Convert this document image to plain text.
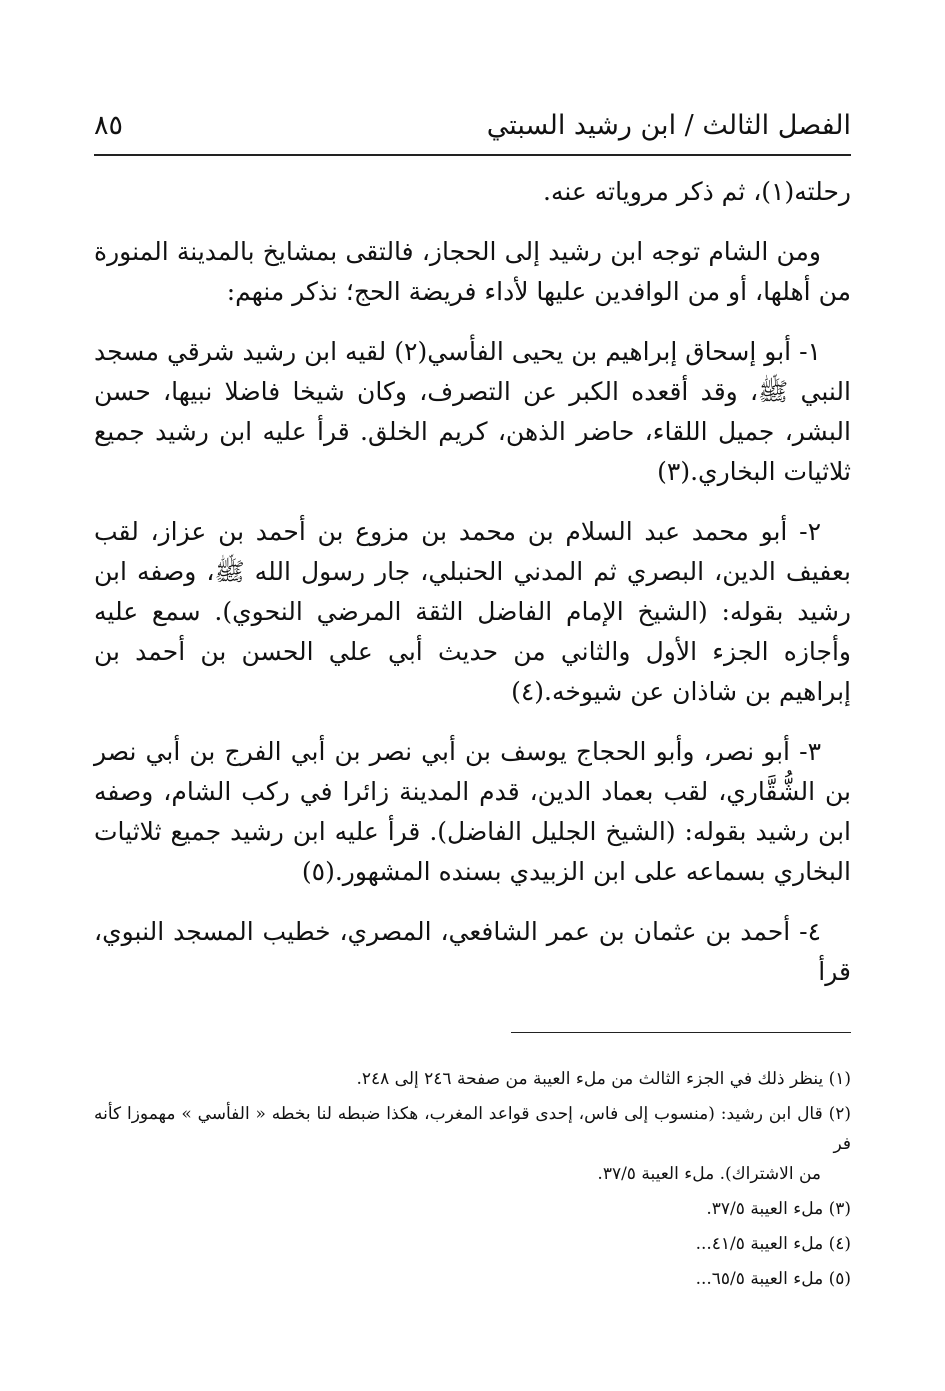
الفصل الثالث / ابن رشيد السبتي
٨٥

رحلته(١)، ثم ذكر مروياته عنه.

ومن الشام توجه ابن رشيد إلى الحجاز، فالتقى بمشايخ بالمدينة المنورة من أهلها، أو من الوافدين عليها لأداء فريضة الحج؛ نذكر منهم:

١- أبو إسحاق إبراهيم بن يحيى الفأسي(٢) لقيه ابن رشيد شرقي مسجد النبي ﷺ، وقد أقعده الكبر عن التصرف، وكان شيخا فاضلا نبيها، حسن البشر، جميل اللقاء، حاضر الذهن، كريم الخلق. قرأ عليه ابن رشيد جميع ثلاثيات البخاري.(٣)

٢- أبو محمد عبد السلام بن محمد بن مزوع بن أحمد بن عزاز، لقب بعفيف الدين، البصري ثم المدني الحنبلي، جار رسول الله ﷺ، وصفه ابن رشيد بقوله: (الشيخ الإمام الفاضل الثقة المرضي النحوي). سمع عليه وأجازه الجزء الأول والثاني من حديث أبي علي الحسن بن أحمد بن إبراهيم بن شاذان عن شيوخه.(٤)

٣- أبو نصر، وأبو الحجاج يوسف بن أبي نصر بن أبي الفرج بن أبي نصر بن الشُّقَّاري، لقب بعماد الدين، قدم المدينة زائرا في ركب الشام، وصفه ابن رشيد بقوله: (الشيخ الجليل الفاضل). قرأ عليه ابن رشيد جميع ثلاثيات البخاري بسماعه على ابن الزبيدي بسنده المشهور.(٥)

٤- أحمد بن عثمان بن عمر الشافعي، المصري، خطيب المسجد النبوي، قرأ

(١) ينظر ذلك في الجزء الثالث من ملء العيبة من صفحة ٢٤٦ إلى ٢٤٨.
(٢) قال ابن رشيد: (منسوب إلى فاس، إحدى قواعد المغرب، هكذا ضبطه لنا بخطه « الفأسي » مهموزا كأنه فر
من الاشتراك). ملء العيبة ٣٧/٥.
(٣) ملء العيبة ٣٧/٥.
(٤) ملء العيبة ٤١/٥...
(٥) ملء العيبة ٦٥/٥...
